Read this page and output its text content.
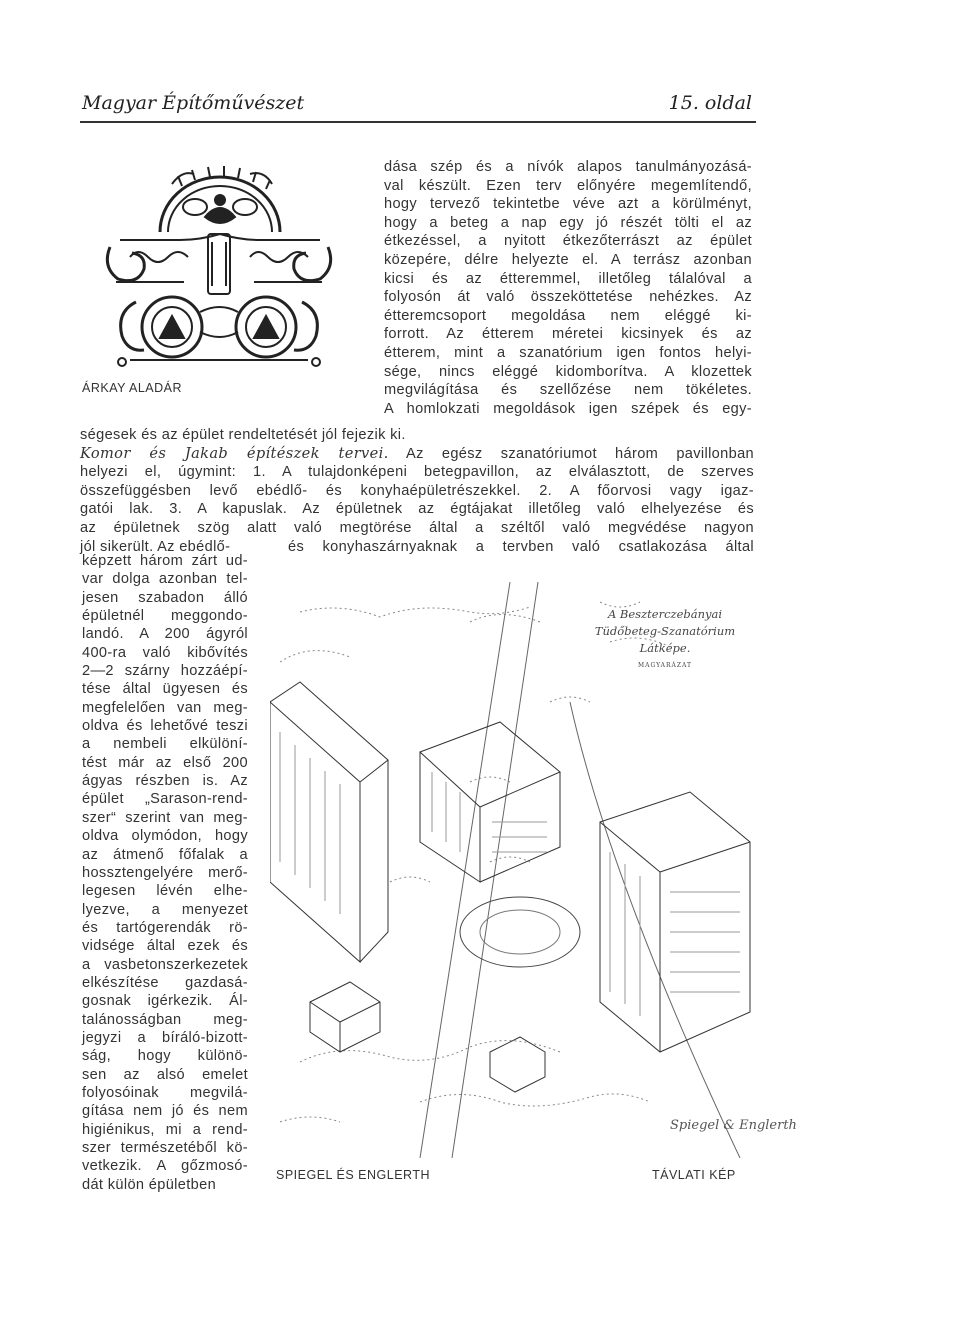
Magyar Építőművészet	15. oldal
ÁRKAY ALADÁR
dása szép és a nívók alapos tanulmányozásá-
val készült. Ezen terv előnyére megemlítendő,
hogy tervező tekintetbe véve azt a körülményt,
hogy a beteg a nap egy jó részét tölti el az
étkezéssel, a nyitott étkezőterrászt az épület
közepére, délre helyezte el. A terrász azonban
kicsi és az étteremmel, illetőleg tálalóval a
folyosón át való összeköttetése nehézkes. Az
étteremcsoport megoldása nem eléggé ki-
forrott. Az étterem méretei kicsinyek és az
étterem, mint a szanatórium igen fontos helyi-
sége, nincs eléggé kidomborítva. A klozettek
megvilágítása és szellőzése nem tökéletes.
A homlokzati megoldások igen szépek és egy-
ségesek és az épület rendeltetését jól fejezik ki.
Komor és Jakab építészek tervei. Az egész szanatóriumot három pavillonban
helyezi el, úgymint: 1. A tulajdonképeni betegpavillon, az elválasztott, de szerves
összefüggésben levő ebédlő- és konyhaépületrészekkel. 2. A főorvosi vagy igaz-
gatói lak. 3. A kapuslak. Az épületnek az égtájakat illetőleg való elhelyezése és
az épületnek szög alatt való megtörése által a széltől való megvédése nagyon
jól sikerült. Az ebédlő-	és konyhaszárnyaknak a tervben való csatlakozása által
képzett három zárt ud-
var dolga azonban tel-
jesen szabadon álló
épületnél meggondo-
landó. A 200 ágyról
400-ra való kibővítés
2—2 szárny hozzáépí-
tése által ügyesen és
megfelelően van meg-
oldva és lehetővé teszi
a nembeli elkülöní-
tést már az első 200
ágyas részben is. Az
épület „Sarason-rend-
szer“ szerint van meg-
oldva olymódon, hogy
az átmenő főfalak a
hossztengelyére merő-
legesen lévén elhe-
lyezve, a menyezet
és tartógerendák rö-
vidsége által ezek és
a vasbetonszerkezetek
elkészítése gazdasá-
gosnak igérkezik. Ál-
talánosságban meg-
jegyzi a bíráló-bizott-
ság, hogy különö-
sen az alsó emelet
folyosóinak megvilá-
gítása nem jó és nem
higiénikus, mi a rend-
szer természetéből kö-
vetkezik. A gőzmosó-
dát külön épületben
A Beszterczebányai
Tüdőbeteg-Szanatórium
Látképe.
MAGYARÁZAT
Spiegel & Englerth
SPIEGEL ÉS ENGLERTH	TÁVLATI KÉP
